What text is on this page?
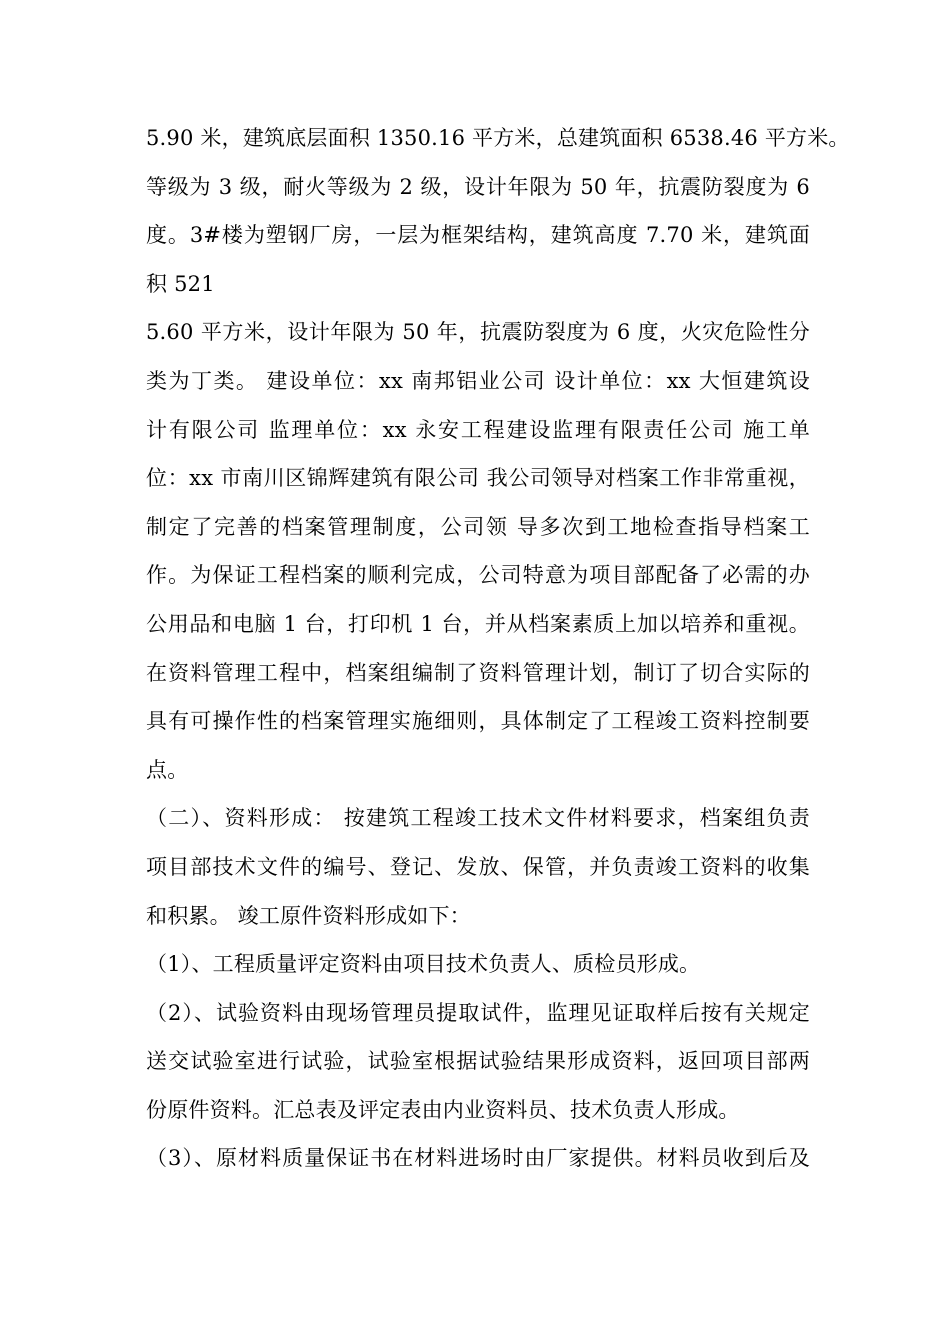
5.90 米，建筑底层面积 1350.16 平方米，总建筑面积 6538.46 平方米。
等级为 3 级，耐火等级为 2 级，设计年限为 50 年，抗震防裂度为 6
度。3#楼为塑钢厂房，一层为框架结构，建筑高度 7.70 米，建筑面
积 521
5.60 平方米，设计年限为 50 年，抗震防裂度为 6 度，火灾危险性分
类为丁类。 建设单位：xx 南邦铝业公司 设计单位：xx 大恒建筑设
计有限公司 监理单位：xx 永安工程建设监理有限责任公司 施工单
位：xx 市南川区锦辉建筑有限公司 我公司领导对档案工作非常重视，
制定了完善的档案管理制度，公司领 导多次到工地检查指导档案工
作。为保证工程档案的顺利完成，公司特意为项目部配备了必需的办
公用品和电脑 1 台，打印机 1 台，并从档案素质上加以培养和重视。
在资料管理工程中，档案组编制了资料管理计划，制订了切合实际的
具有可操作性的档案管理实施细则，具体制定了工程竣工资料控制要
点。
（二）、资料形成： 按建筑工程竣工技术文件材料要求，档案组负责
项目部技术文件的编号、登记、发放、保管，并负责竣工资料的收集
和积累。 竣工原件资料形成如下：
（1）、工程质量评定资料由项目技术负责人、质检员形成。
（2）、试验资料由现场管理员提取试件，监理见证取样后按有关规定
送交试验室进行试验，试验室根据试验结果形成资料，返回项目部两
份原件资料。汇总表及评定表由内业资料员、技术负责人形成。
（3）、原材料质量保证书在材料进场时由厂家提供。材料员收到后及
